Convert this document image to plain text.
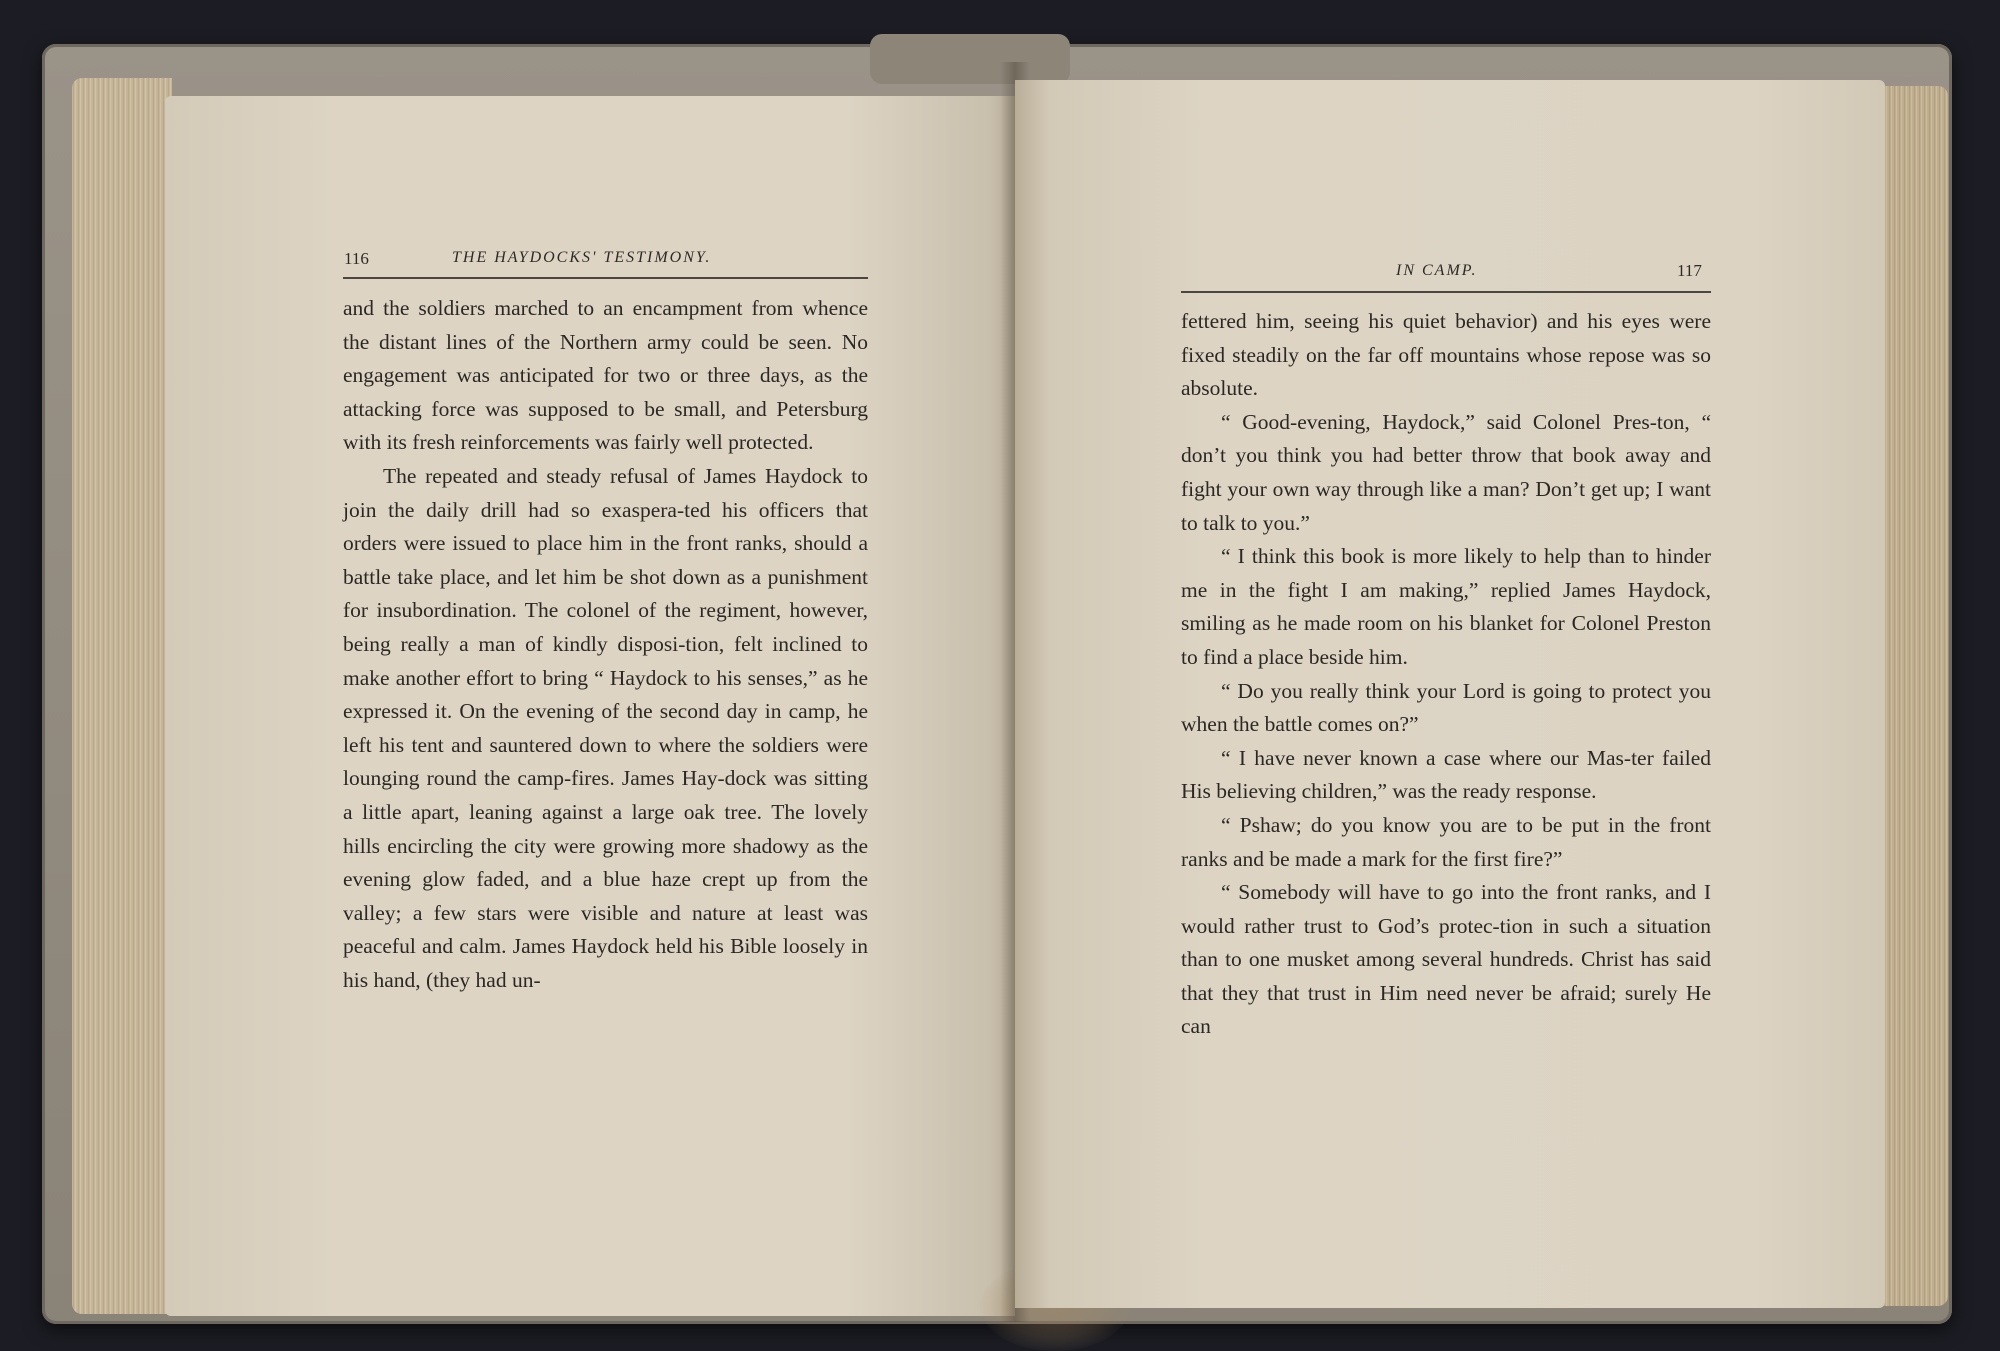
116	THE HAYDOCKS' TESTIMONY.

and the soldiers marched to an encampment from whence the distant lines of the Northern army could be seen. No engagement was anticipated for two or three days, as the attacking force was supposed to be small, and Petersburg with its fresh reinforcements was fairly well protected.

The repeated and steady refusal of James Haydock to join the daily drill had so exaspera-ted his officers that orders were issued to place him in the front ranks, should a battle take place, and let him be shot down as a punishment for insubordination. The colonel of the regiment, however, being really a man of kindly disposi-tion, felt inclined to make another effort to bring “ Haydock to his senses,” as he expressed it. On the evening of the second day in camp, he left his tent and sauntered down to where the soldiers were lounging round the camp-fires. James Hay-dock was sitting a little apart, leaning against a large oak tree. The lovely hills encircling the city were growing more shadowy as the evening glow faded, and a blue haze crept up from the valley; a few stars were visible and nature at least was peaceful and calm. James Haydock held his Bible loosely in his hand, (they had un-

IN CAMP.	117

fettered him, seeing his quiet behavior) and his eyes were fixed steadily on the far off mountains whose repose was so absolute.

“ Good-evening, Haydock,” said Colonel Pres-ton, “ don’t you think you had better throw that book away and fight your own way through like a man? Don’t get up; I want to talk to you.”

“ I think this book is more likely to help than to hinder me in the fight I am making,” replied James Haydock, smiling as he made room on his blanket for Colonel Preston to find a place beside him.

“ Do you really think your Lord is going to protect you when the battle comes on?”

“ I have never known a case where our Mas-ter failed His believing children,” was the ready response.

“ Pshaw; do you know you are to be put in the front ranks and be made a mark for the first fire?”

“ Somebody will have to go into the front ranks, and I would rather trust to God’s protec-tion in such a situation than to one musket among several hundreds. Christ has said that they that trust in Him need never be afraid; surely He can
